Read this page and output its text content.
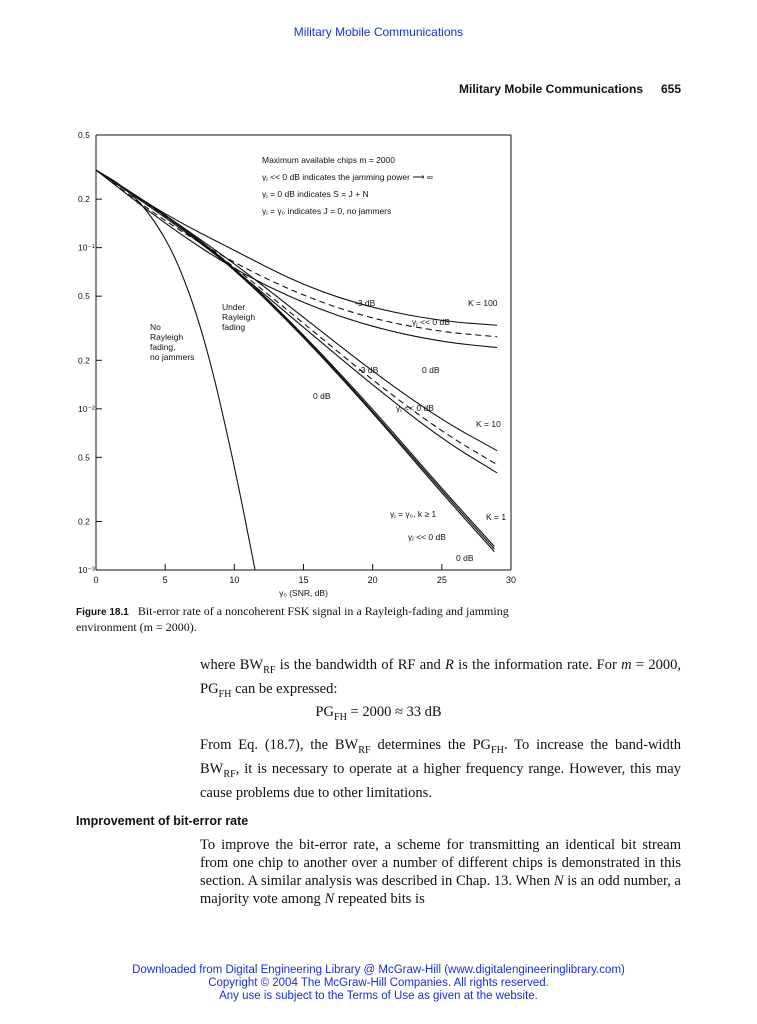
Military Mobile Communications
Military Mobile Communications 655
0.5
0.2
10⁻¹
0.5
0.2
10⁻²
0.5
0.2
10⁻³
0	5	10	15	20	25	30
γ₀ (SNR, dB)
Maximum available chips m = 2000
γⱼ << 0 dB indicates the jamming power ⟶ ∞
γⱼ = 0 dB indicates S = J + N
γⱼ = γ₀ indicates J = 0, no jammers
No
Rayleigh
fading,
no jammers
Under
Rayleigh
fading
-3 dB	K = 100
γⱼ << 0 dB
-3 dB	0 dB
0 dB
γⱼ << 0 dB
K = 10
γⱼ = γ₀, k ≥ 1	K = 1
γⱼ << 0 dB
0 dB
Figure 18.1 Bit-error rate of a noncoherent FSK signal in a Rayleigh-fading and jamming environment (m = 2000).
where $BW_{RF}$ is the bandwidth of RF and R is the information rate. For m = 2000, $PG_{FH}$ can be expressed:
$PG_{FH} = 2000 \approx 33$ dB
From Eq. (18.7), the $BW_{RF}$ determines the $PG_{FH}$. To increase the band-width $BW_{RF}$, it is necessary to operate at a higher frequency range. However, this may cause problems due to other limitations.
Improvement of bit-error rate
To improve the bit-error rate, a scheme for transmitting an identical bit stream from one chip to another over a number of different chips is demonstrated in this section. A similar analysis was described in Chap. 13. When N is an odd number, a majority vote among N repeated bits is
Downloaded from Digital Engineering Library @ McGraw-Hill (www.digitalengineeringlibrary.com)
Copyright © 2004 The McGraw-Hill Companies. All rights reserved.
Any use is subject to the Terms of Use as given at the website.
